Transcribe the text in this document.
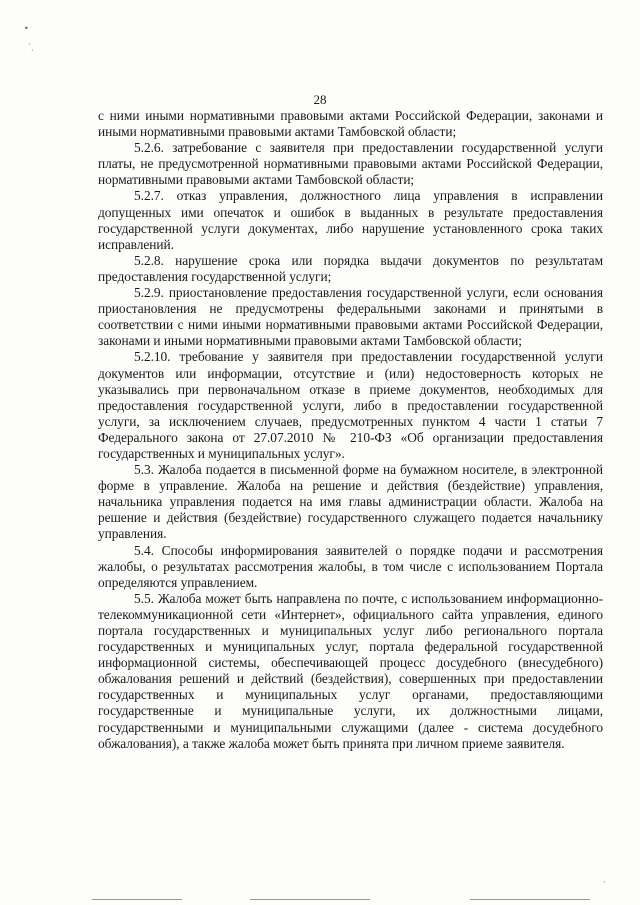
•
·
·
28

с ними иными нормативными правовыми актами Российской Федерации, законами и иными нормативными правовыми актами Тамбовской области;

5.2.6. затребование с заявителя при предоставлении государственной услуги платы, не предусмотренной нормативными правовыми актами Российской Федерации, нормативными правовыми актами Тамбовской области;

5.2.7. отказ управления, должностного лица управления в исправлении допущенных ими опечаток и ошибок в выданных в результате предоставления государственной услуги документах, либо нарушение установленного срока таких исправлений.

5.2.8. нарушение срока или порядка выдачи документов по результатам предоставления государственной услуги;

5.2.9. приостановление предоставления государственной услуги, если основания приостановления не предусмотрены федеральными законами и принятыми в соответствии с ними иными нормативными правовыми актами Российской Федерации, законами и иными нормативными правовыми актами Тамбовской области;

5.2.10. требование у заявителя при предоставлении государственной услуги документов или информации, отсутствие и (или) недостоверность которых не указывались при первоначальном отказе в приеме документов, необходимых для предоставления государственной услуги, либо в предоставлении государственной услуги, за исключением случаев, предусмотренных пунктом 4 части 1 статьи 7 Федерального закона от 27.07.2010 № 210-ФЗ «Об организации предоставления государственных и муниципальных услуг».

5.3. Жалоба подается в письменной форме на бумажном носителе, в электронной форме в управление. Жалоба на решение и действия (бездействие) управления, начальника управления подается на имя главы администрации области. Жалоба на решение и действия (бездействие) государственного служащего подается начальнику управления.

5.4. Способы информирования заявителей о порядке подачи и рассмотрения жалобы, о результатах рассмотрения жалобы, в том числе с использованием Портала определяются управлением.

5.5. Жалоба может быть направлена по почте, с использованием информационно-телекоммуникационной сети «Интернет», официального сайта управления, единого портала государственных и муниципальных услуг либо регионального портала государственных и муниципальных услуг, портала федеральной государственной информационной системы, обеспечивающей процесс досудебного (внесудебного) обжалования решений и действий (бездействия), совершенных при предоставлении государственных и муниципальных услуг органами, предоставляющими государственные и муниципальные услуги, их должностными лицами, государственными и муниципальными служащими (далее - система досудебного обжалования), а также жалоба может быть принята при личном приеме заявителя.

·
